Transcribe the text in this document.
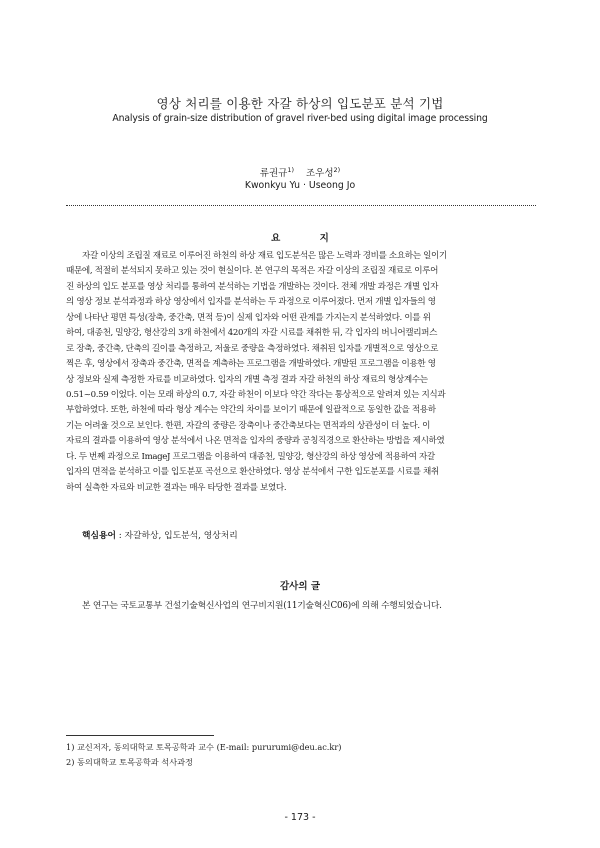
영상 처리를 이용한 자갈 하상의 입도분포 분석 기법
Analysis of grain-size distribution of gravel river-bed using digital image processing
류권규$^{1)}$ 조우성$^{2)}$
Kwonkyu Yu · Useong Jo
요 지
자갈 이상의 조립질 재료로 이루어진 하천의 하상 재료 입도분석은 많은 노력과 경비를 소요하는 일이기
때문에, 적절히 분석되지 못하고 있는 것이 현실이다. 본 연구의 목적은 자갈 이상의 조립질 재료로 이루어
진 하상의 입도 분포를 영상 처리를 통하여 분석하는 기법을 개발하는 것이다. 전체 개발 과정은 개별 입자
의 영상 정보 분석과정과 하상 영상에서 입자를 분석하는 두 과정으로 이루어졌다. 먼저 개별 입자들의 영
상에 나타난 평면 특성(장축, 중간축, 면적 등)이 실제 입자와 어떤 관계를 가지는지 분석하였다. 이를 위
하여, 대종천, 밀양강, 형산강의 3개 하천에서 420개의 자갈 시료를 채취한 뒤, 각 입자의 버니어캘리퍼스
로 장축, 중간축, 단축의 길이를 측정하고, 저울로 중량을 측정하였다. 채취된 입자를 개별적으로 영상으로
찍은 후, 영상에서 장축과 중간축, 면적을 계측하는 프로그램을 개발하였다. 개발된 프로그램을 이용한 영
상 정보와 실제 측정한 자료를 비교하였다. 입자의 개별 측정 결과 자갈 하천의 하상 재료의 형상계수는
0.51~0.59 이었다. 이는 모래 하상의 0.7, 자갈 하천이 이보다 약간 작다는 통상적으로 알려져 있는 지식과
부합하였다. 또한, 하천에 따라 형상 계수는 약간의 차이를 보이기 때문에 일괄적으로 동일한 값을 적용하
기는 어려울 것으로 보인다. 한편, 자갈의 중량은 장축이나 중간축보다는 면적과의 상관성이 더 높다. 이
자료의 결과를 이용하여 영상 분석에서 나온 면적을 입자의 중량과 공칭직경으로 환산하는 방법을 제시하였
다. 두 번째 과정으로 ImageJ 프로그램을 이용하여 대종천, 밀양강, 형산강의 하상 영상에 적용하여 자갈
입자의 면적을 분석하고 이를 입도분포 곡선으로 환산하였다. 영상 분석에서 구한 입도분포를 시료를 채취
하여 실측한 자료와 비교한 결과는 매우 타당한 결과를 보였다.
핵심용어 : 자갈하상, 입도분석, 영상처리
감사의 글
본 연구는 국토교통부 건설기술혁신사업의 연구비지원(11기술혁신C06)에 의해 수행되었습니다.
1) 교신저자, 동의대학교 토목공학과 교수 (E-mail: pururumi@deu.ac.kr)
2) 동의대학교 토목공학과 석사과정
- 173 -
